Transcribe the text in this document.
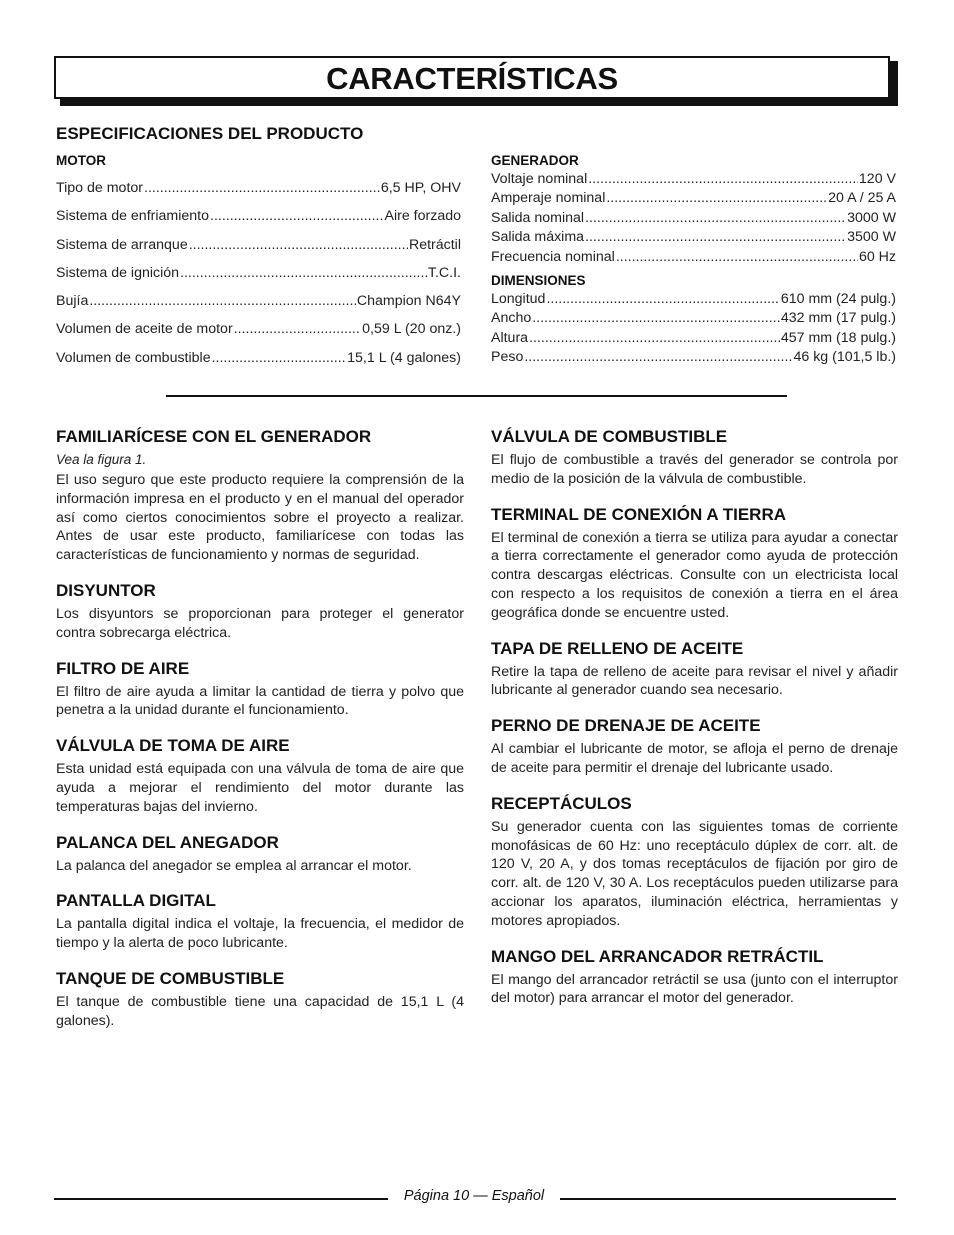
CARACTERÍSTICAS
ESPECIFICACIONES DEL PRODUCTO
MOTOR
Tipo de motor .....	6,5 HP, OHV
Sistema de enfriamiento .....	Aire forzado
Sistema de arranque .....	Retráctil
Sistema de ignición .....	T.C.I.
Bujía .....	Champion N64Y
Volumen de aceite de motor .....	0,59 L (20 onz.)
Volumen de combustible .....	15,1 L (4 galones)
GENERADOR
Voltaje nominal .....	120 V
Amperaje nominal .....	20 A / 25 A
Salida nominal .....	3000 W
Salida máxima .....	3500 W
Frecuencia nominal .....	60 Hz
DIMENSIONES
Longitud .....	610 mm (24 pulg.)
Ancho .....	432 mm (17 pulg.)
Altura .....	457 mm (18 pulg.)
Peso .....	46 kg (101,5 lb.)
FAMILIARÍCESE CON EL GENERADOR

Vea la figura 1.

El uso seguro que este producto requiere la comprensión de la información impresa en el producto y en el manual del operador así como ciertos conocimientos sobre el proyecto a realizar. Antes de usar este producto, familiarícese con todas las características de funcionamiento y normas de seguridad.

DISYUNTOR

Los disyuntors se proporcionan para proteger el generator contra sobrecarga eléctrica.

FILTRO DE AIRE

El filtro de aire ayuda a limitar la cantidad de tierra y polvo que penetra a la unidad durante el funcionamiento.

VÁLVULA DE TOMA DE AIRE

Esta unidad está equipada con una válvula de toma de aire que ayuda a mejorar el rendimiento del motor durante las temperaturas bajas del invierno.

PALANCA DEL ANEGADOR

La palanca del anegador se emplea al arrancar el motor.

PANTALLA DIGITAL

La pantalla digital indica el voltaje, la frecuencia, el medidor de tiempo y la alerta de poco lubricante.

TANQUE DE COMBUSTIBLE

El tanque de combustible tiene una capacidad de 15,1 L (4 galones).

VÁLVULA DE COMBUSTIBLE

El flujo de combustible a través del generador se controla por medio de la posición de la válvula de combustible.

TERMINAL DE CONEXIÓN A TIERRA

El terminal de conexión a tierra se utiliza para ayudar a conectar a tierra correctamente el generador como ayuda de protección contra descargas eléctricas. Consulte con un electricista local con respecto a los requisitos de conexión a tierra en el área geográfica donde se encuentre usted.

TAPA DE RELLENO DE ACEITE

Retire la tapa de relleno de aceite para revisar el nivel y añadir lubricante al generador cuando sea necesario.

PERNO DE DRENAJE DE ACEITE

Al cambiar el lubricante de motor, se afloja el perno de drenaje de aceite para permitir el drenaje del lubricante usado.

RECEPTÁCULOS

Su generador cuenta con las siguientes tomas de corriente monofásicas de 60 Hz: uno receptáculo dúplex de corr. alt. de 120 V, 20 A, y dos tomas receptáculos de fijación por giro de corr. alt. de 120 V, 30 A. Los receptáculos pueden utilizarse para accionar los aparatos, iluminación eléctrica, herramientas y motores apropiados.

MANGO DEL ARRANCADOR RETRÁCTIL

El mango del arrancador retráctil se usa (junto con el interruptor del motor) para arrancar el motor del generador.

Página 10 — Español
